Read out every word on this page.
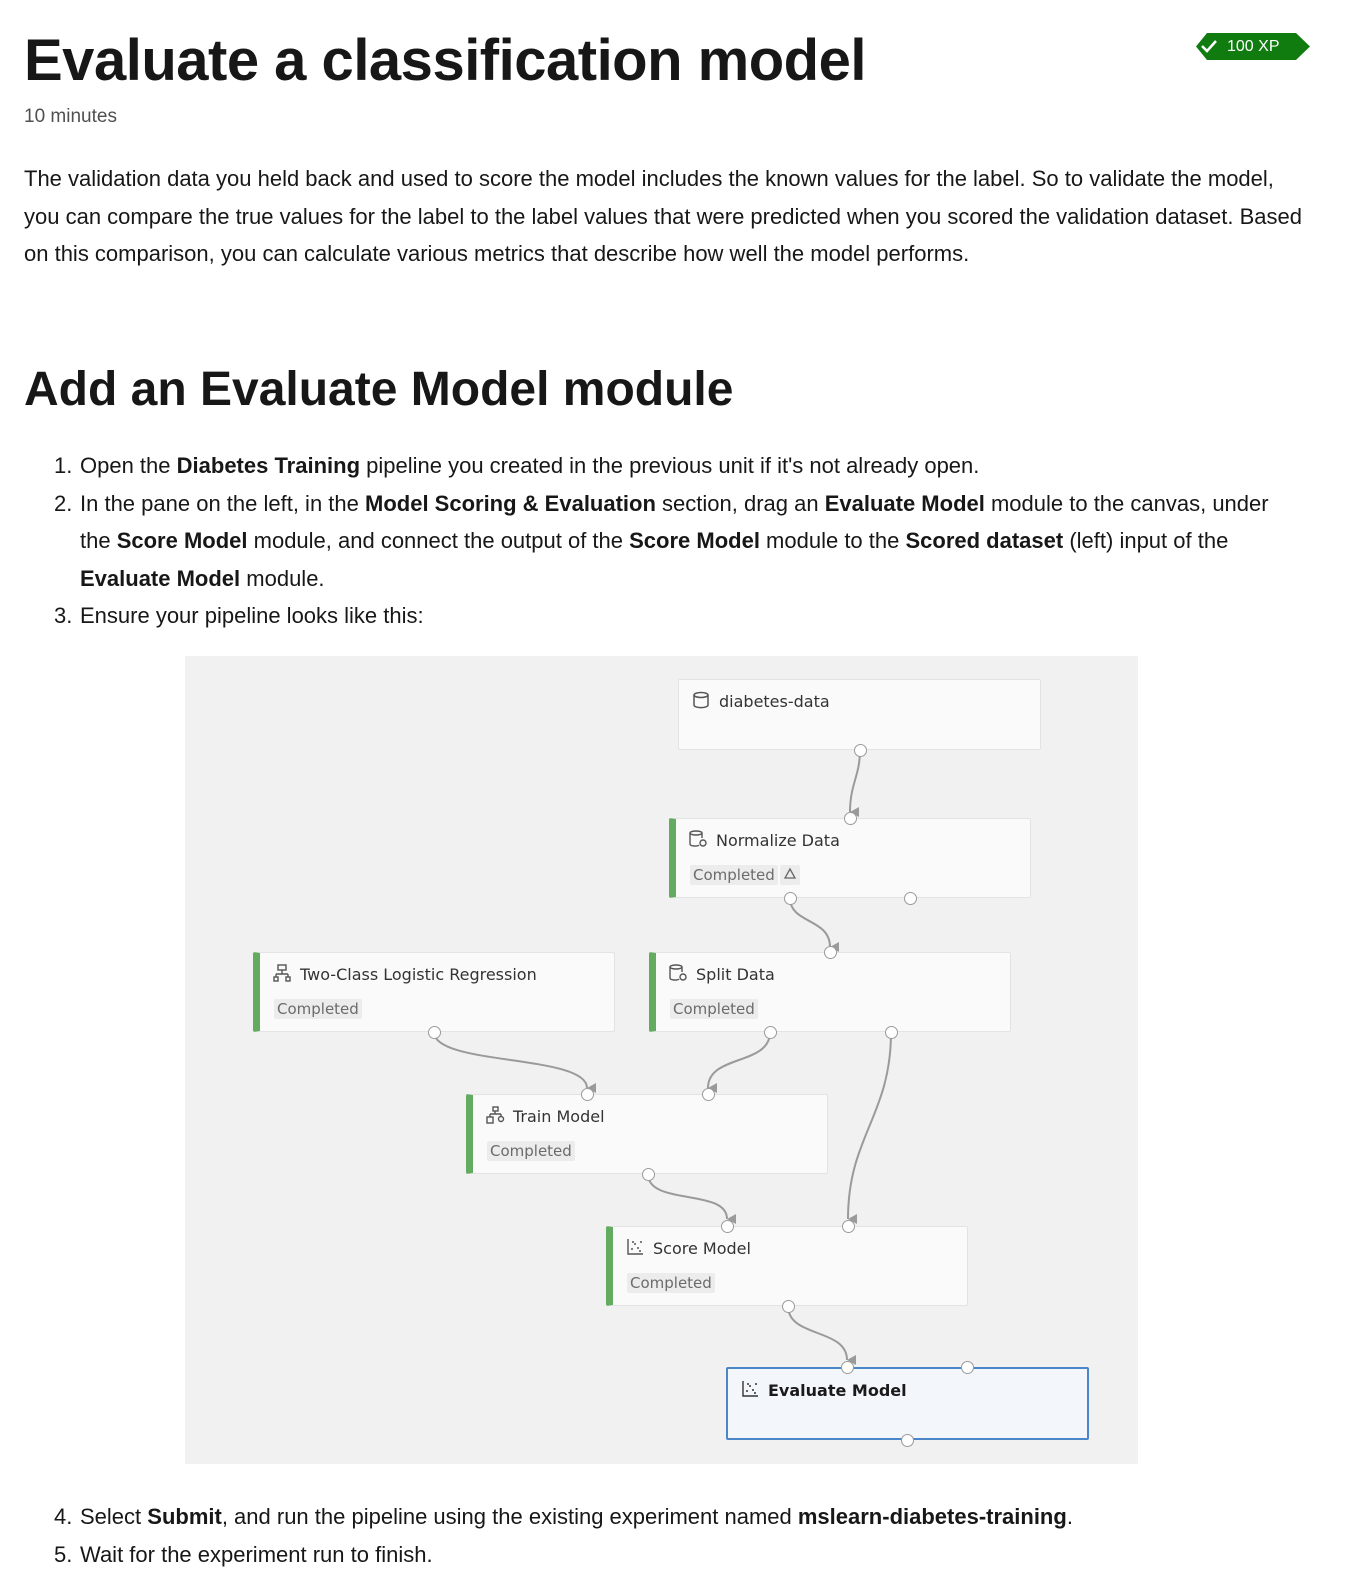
Evaluate a classification model
10 minutes
100 XP

The validation data you held back and used to score the model includes the known values for the label. So to validate the model, you can compare the true values for the label to the label values that were predicted when you scored the validation dataset. Based on this comparison, you can calculate various metrics that describe how well the model performs.

Add an Evaluate Model module
1. Open the Diabetes Training pipeline you created in the previous unit if it's not already open.
2. In the pane on the left, in the Model Scoring & Evaluation section, drag an Evaluate Model module to the canvas, under the Score Model module, and connect the output of the Score Model module to the Scored dataset (left) input of the Evaluate Model module.
3. Ensure your pipeline looks like this:
diabetes-data
Normalize Data
Completed
Two-Class Logistic Regression
Completed
Split Data
Completed
Train Model
Completed
Score Model
Completed
Evaluate Model
4. Select Submit, and run the pipeline using the existing experiment named mslearn-diabetes-training.
5. Wait for the experiment run to finish.
